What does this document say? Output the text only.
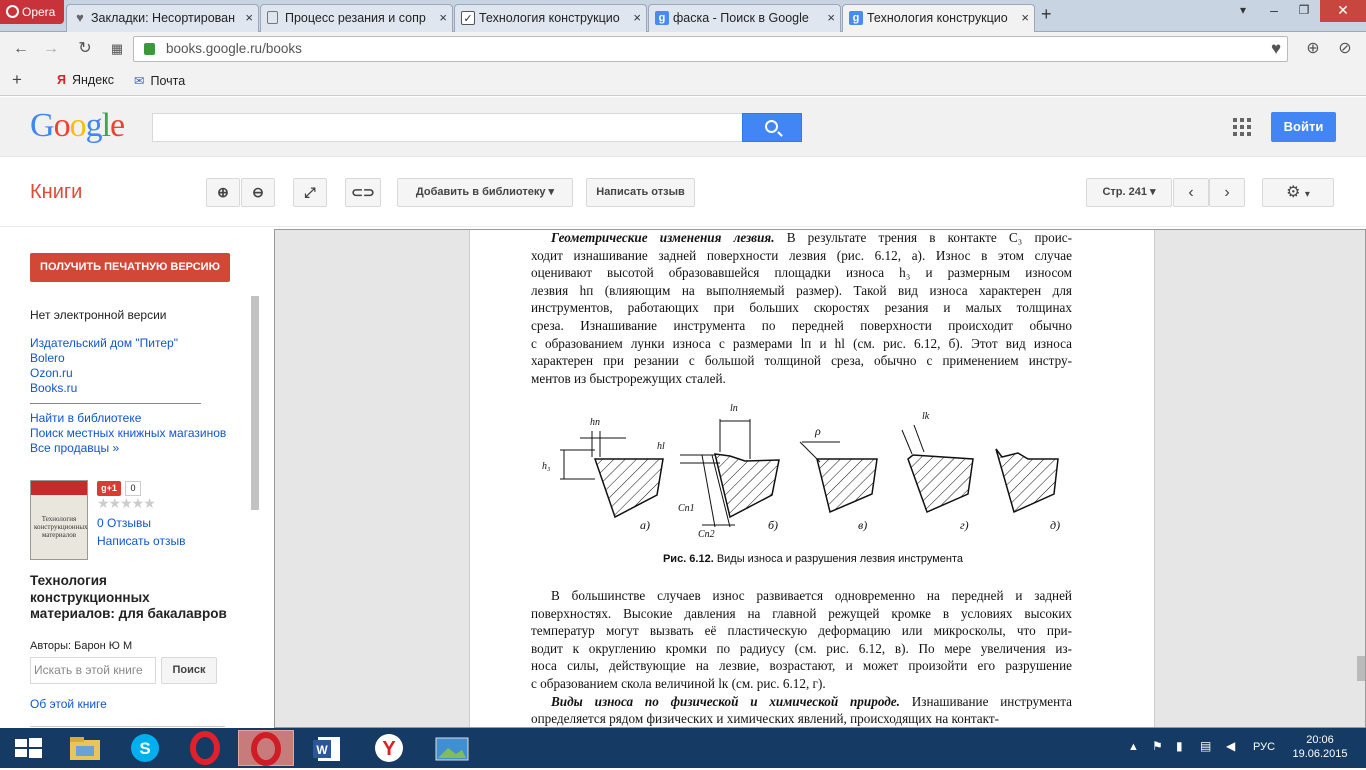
Opera	♥ Закладки: Несортирован ×	Процесс резания и сопр × ✓ Технология конструкцио ×	g фаска - Поиск в Google ×	g Технология конструкцио × +	▾	–	❐	✕
← → ↻	▦	books.google.ru/books	♥	⊕ ⊘
+	Я Яндекс ✉ Почта
Google	Войти
Книги	⊕	⊖	⤢	⊂⊃	Добавить в библиотеку ▾	Написать отзыв	Стр. 241 ▾	‹	›	⚙ ▾
ПОЛУЧИТЬ ПЕЧАТНУЮ ВЕРСИЮ
Нет электронной версии
Издательский дом "Питер"
Bolero
Ozon.ru
Books.ru
Найти в библиотеке
Поиск местных книжных магазинов
Все продавцы »
Технология конструкционных материалов
g+1	0
★★★★★
0 Отзывы
Написать отзыв
Технология конструкционных материалов: для бакалавров
Авторы: Барон Ю М
Искать в этой книге	Поиск
Об этой книге
Геометрические изменения лезвия. В результате трения в контакте C₃ проис-
ходит изнашивание задней поверхности лезвия (рис. 6.12, а). Износ в этом случае
оценивают высотой образовавшейся площадки износа h₃ и размерным износом
лезвия hп (влияющим на выполняемый размер). Такой вид износа характерен для
инструментов, работающих при больших скоростях резания и малых толщинах
среза. Изнашивание инструмента по передней поверхности происходит обычно
с образованием лунки износа с размерами lп и hl (см. рис. 6.12, б). Этот вид износа
характерен при резании с большой толщиной среза, обычно с применением инстру-
ментов из быстрорежущих сталей.
а)	б)	в)	г)	д)
hп
h₃
lп
hl
Cп1
Cп2
ρ
lk
Рис. 6.12. Виды износа и разрушения лезвия инструмента
В большинстве случаев износ развивается одновременно на передней и задней
поверхностях. Высокие давления на главной режущей кромке в условиях высоких
температур могут вызвать её пластическую деформацию или микросколы, что при-
водит к округлению кромки по радиусу (см. рис. 6.12, в). По мере увеличения из-
носа силы, действующие на лезвие, возрастают, и может произойти его разрушение
с образованием скола величиной lк (см. рис. 6.12, г).
Виды износа по физической и химической природе. Изнашивание инструмента
определяется рядом физических и химических явлений, происходящих на контакт-
S	W	Y	▲ ⚑ ▮ ▤ ◀ РУС
20:06
19.06.2015
